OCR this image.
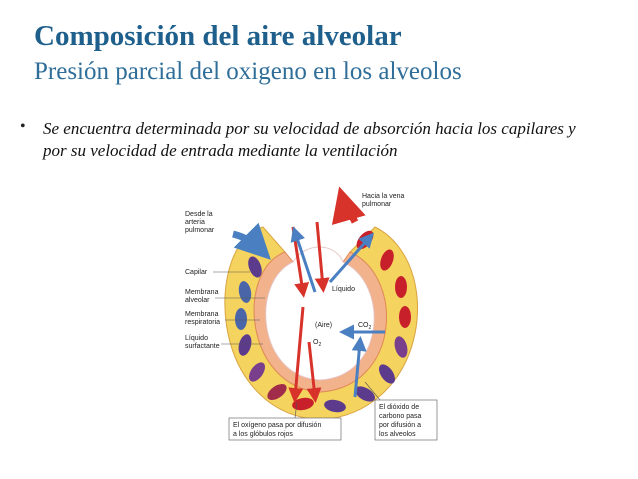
Composición del aire alveolar
Presión parcial del oxigeno en los alveolos
• Se encuentra determinada por su velocidad de absorción hacia los capilares y por su velocidad de entrada mediante la ventilación
Desde la arteria pulmonar
Capilar
Membrana alveolar
Membrana respiratoria
Líquido surfactante
Hacia la vena pulmonar
Líquido
(Aire)	$CO_2$
$O_2$
El oxígeno pasa por difusión a los glóbulos rojos
El dióxido de carbono pasa por difusión a los alveolos
